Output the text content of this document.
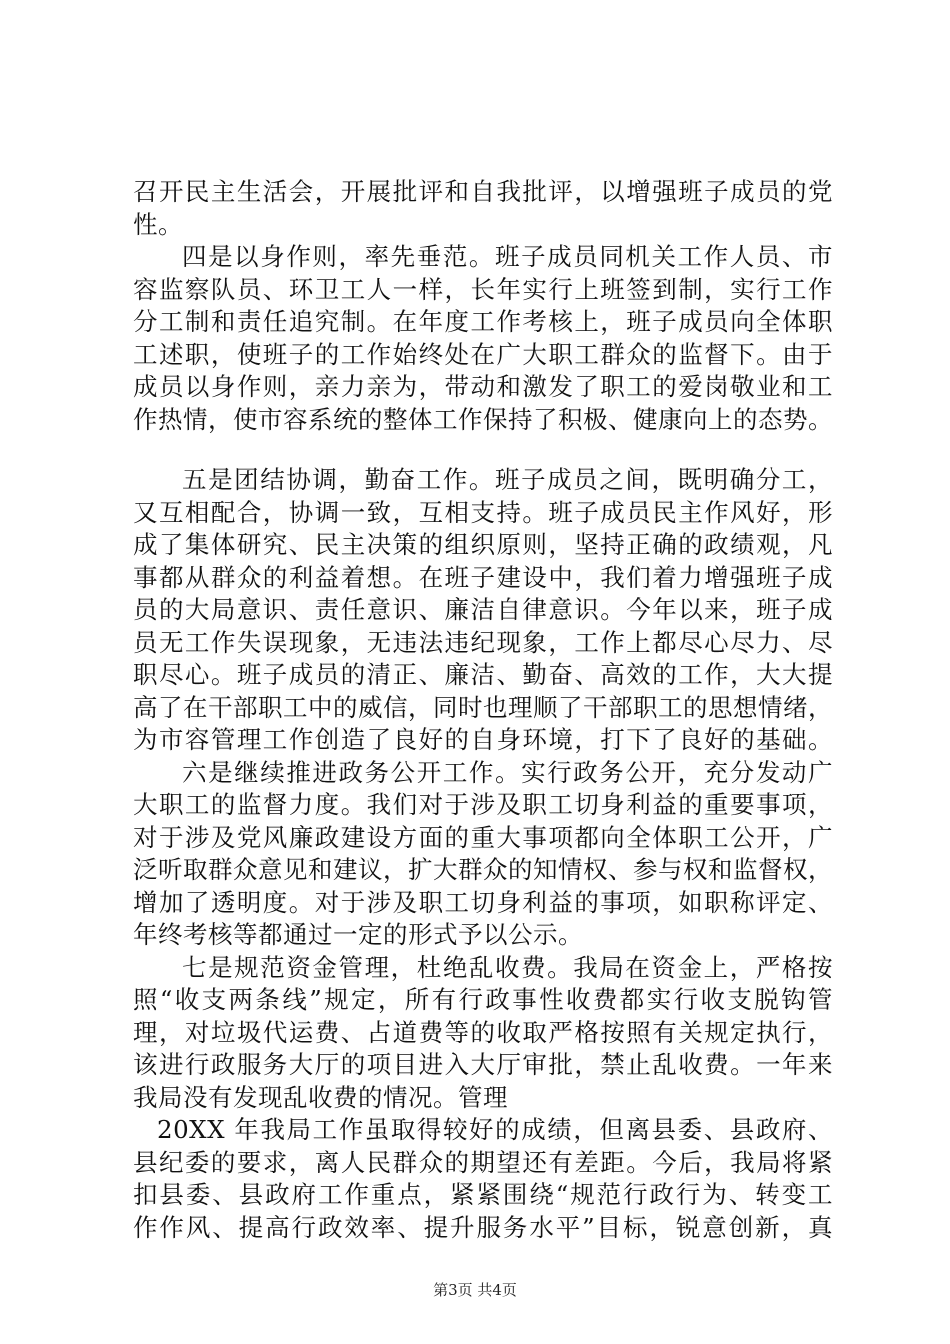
召开民主生活会，开展批评和自我批评，以增强班子成员的党
性。
四是以身作则，率先垂范。班子成员同机关工作人员、市
容监察队员、环卫工人一样，长年实行上班签到制，实行工作
分工制和责任追究制。在年度工作考核上，班子成员向全体职
工述职，使班子的工作始终处在广大职工群众的监督下。由于
成员以身作则，亲力亲为，带动和激发了职工的爱岗敬业和工
作热情，使市容系统的整体工作保持了积极、健康向上的态势。
五是团结协调，勤奋工作。班子成员之间，既明确分工，
又互相配合，协调一致，互相支持。班子成员民主作风好，形
成了集体研究、民主决策的组织原则，坚持正确的政绩观，凡
事都从群众的利益着想。在班子建设中，我们着力增强班子成
员的大局意识、责任意识、廉洁自律意识。今年以来，班子成
员无工作失误现象，无违法违纪现象，工作上都尽心尽力、尽
职尽心。班子成员的清正、廉洁、勤奋、高效的工作，大大提
高了在干部职工中的威信，同时也理顺了干部职工的思想情绪，
为市容管理工作创造了良好的自身环境，打下了良好的基础。
六是继续推进政务公开工作。实行政务公开，充分发动广
大职工的监督力度。我们对于涉及职工切身利益的重要事项，
对于涉及党风廉政建设方面的重大事项都向全体职工公开，广
泛听取群众意见和建议，扩大群众的知情权、参与权和监督权，
增加了透明度。对于涉及职工切身利益的事项，如职称评定、
年终考核等都通过一定的形式予以公示。
七是规范资金管理，杜绝乱收费。我局在资金上，严格按
照“收支两条线”规定，所有行政事性收费都实行收支脱钩管
理，对垃圾代运费、占道费等的收取严格按照有关规定执行，
该进行政服务大厅的项目进入大厅审批，禁止乱收费。一年来
我局没有发现乱收费的情况。管理
20XX 年我局工作虽取得较好的成绩，但离县委、县政府、
县纪委的要求，离人民群众的期望还有差距。今后，我局将紧
扣县委、县政府工作重点，紧紧围绕“规范行政行为、转变工
作作风、提高行政效率、提升服务水平”目标，锐意创新，真
第3页 共4页
